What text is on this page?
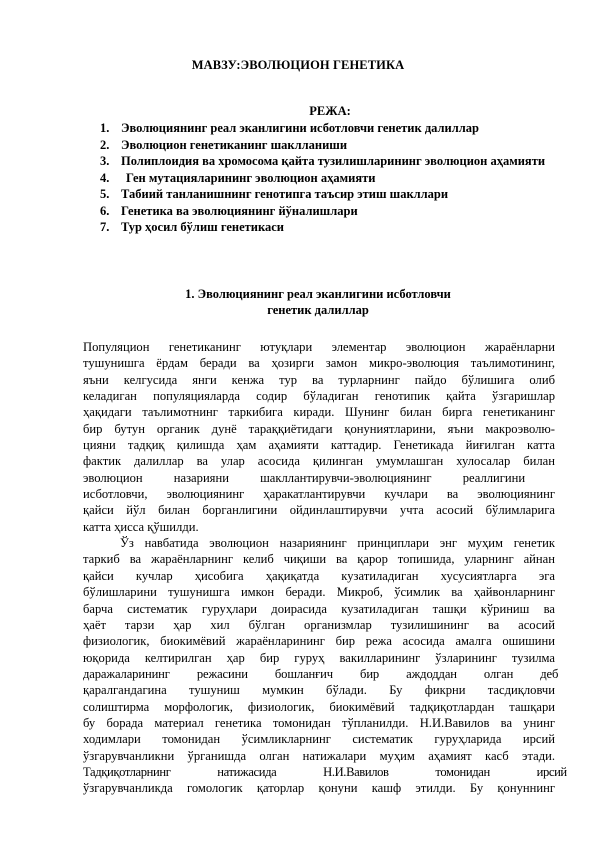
МАВЗУ:ЭВОЛЮЦИОН ГЕНЕТИКА
РЕЖА:
1. Эволюциянинг реал эканлигини исботловчи генетик далиллар
2. Эволюцион генетиканинг шаклланиши
3. Полиплоидия ва хромосома қайта тузилишларининг эволюцион аҳамияти
4. Ген мутацияларининг эволюцион аҳамияти
5. Табиий танланишнинг генотипга таъсир этиш шакллари
6. Генетика ва эволюциянинг йўналишлари
7. Тур ҳосил бўлиш генетикаси
1. Эволюциянинг реал эканлигини исботловчи
генетик далиллар
Популяцион генетиканинг ютуқлари элементар эволюцион жараёнларни
тушунишга ёрдам беради ва ҳозирги замон микро-эволюция таълимотининг,
яъни келгусида янги кенжа тур ва турларнинг пайдо бўлишига олиб
келадиган популяцияларда содир бўладиган генотипик қайта ўзгаришлар
ҳақидаги таълимотнинг таркибига киради. Шунинг билан бирга генетиканинг
бир бутун органик дунё тараққиётидаги қонуниятларини, яъни макроэволю-
цияни тадқиқ қилишда ҳам аҳамияти каттадир. Генетикада йиғилган катта
фактик далиллар ва улар асосида қилинган умумлашган хулосалар билан
эволюцион назарияни шакллантирувчи-эволюциянинг реаллигини
исботловчи, эволюциянинг ҳаракатлантирувчи кучлари ва эволюциянинг
қайси йўл билан борганлигини ойдинлаштирувчи учта асосий бўлимларига
катта ҳисса қўшилди.
Ўз навбатида эволюцион назариянинг принциплари энг муҳим генетик
таркиб ва жараёнларнинг келиб чиқиши ва қарор топишида, уларнинг айнан
қайси кучлар ҳисобига ҳақиқатда кузатиладиган хусусиятларга эга
бўлишларини тушунишга имкон беради. Микроб, ўсимлик ва ҳайвонларнинг
барча систематик гуруҳлари доирасида кузатиладиган ташқи кўриниш ва
ҳаёт тарзи ҳар хил бўлган организмлар тузилишининг ва асосий
физиологик, биокимёвий жараёнларининг бир режа асосида амалга ошишини
юқорида келтирилган ҳар бир гуруҳ вакилларининг ўзларининг тузилма
даражаларининг режасини бошланғич бир аждоддан олган деб
қаралгандагина тушуниш мумкин бўлади. Бу фикрни тасдиқловчи
солиштирма морфологик, физиологик, биокимёвий тадқиқотлардан ташқари
бу борада материал генетика томонидан тўпланилди. Н.И.Вавилов ва унинг
ходимлари томонидан ўсимликларнинг систематик гуруҳларида ирсий
ўзгарувчанликни ўрганишда олган натижалари муҳим аҳамият касб этади.
Тадқиқотларнинг натижасида Н.И.Вавилов томонидан ирсий
ўзгарувчанликда гомологик қаторлар қонуни кашф этилди. Бу қонуннинг
